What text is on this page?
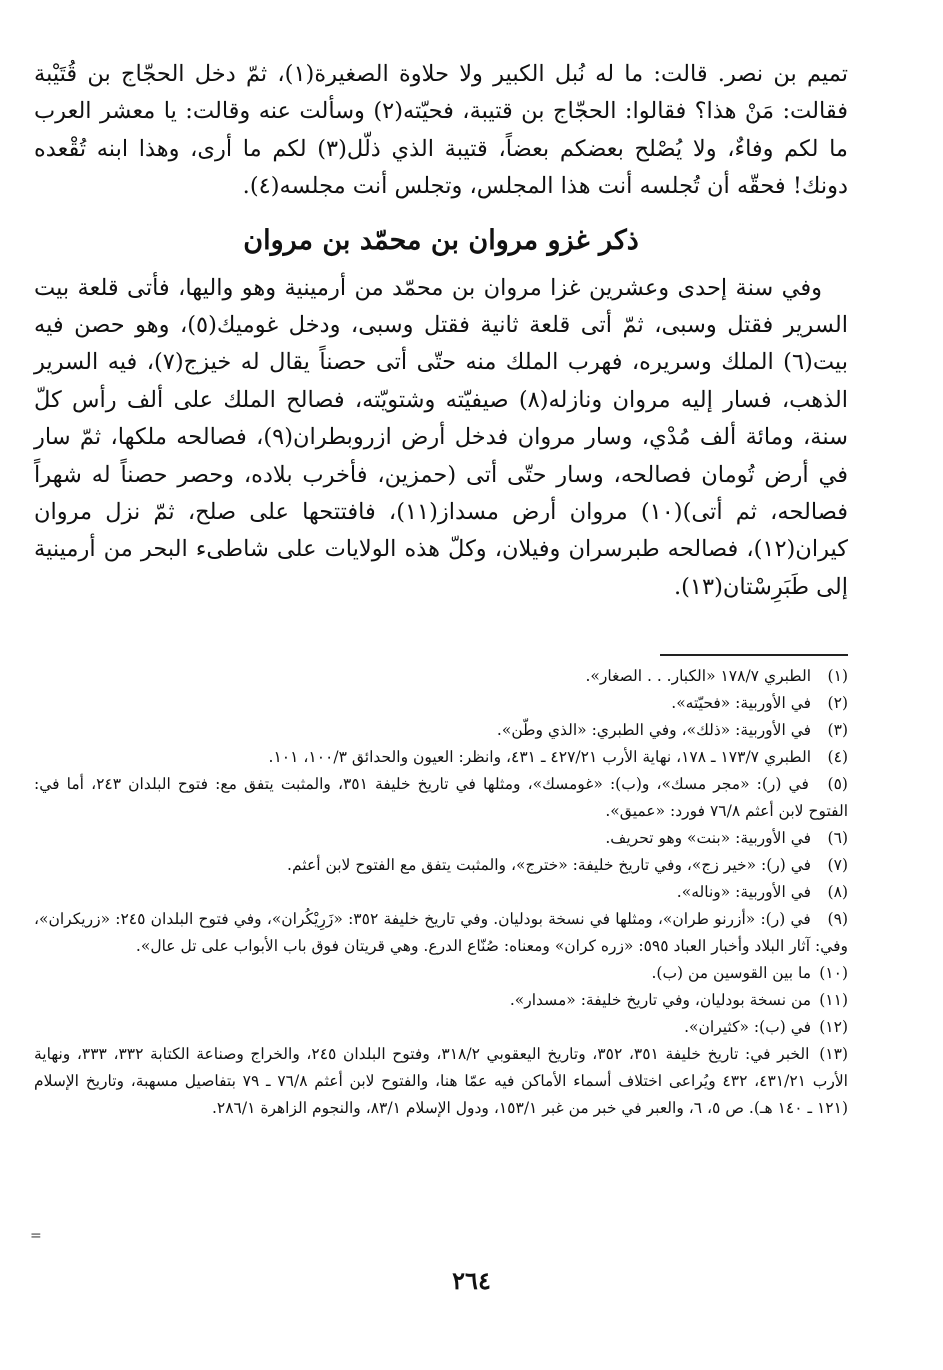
تميم بن نصر. قالت: ما له نُبل الكبير ولا حلاوة الصغيرة(١)، ثمّ دخل الحجّاج بن قُتَيْبة فقالت: مَنْ هذا؟ فقالوا: الحجّاج بن قتيبة، فحيّته(٢) وسألت عنه وقالت: يا معشر العرب ما لكم وفاءٌ، ولا يُصْلح بعضكم بعضاً، قتيبة الذي ذلّل(٣) لكم ما أرى، وهذا ابنه تُقْعده دونك! فحقّه أن تُجلسه أنت هذا المجلس، وتجلس أنت مجلسه(٤).

ذكر غزو مروان بن محمّد بن مروان

وفي سنة إحدى وعشرين غزا مروان بن محمّد من أرمينية وهو واليها، فأتى قلعة بيت السرير فقتل وسبى، ثمّ أتى قلعة ثانية فقتل وسبى، ودخل غوميك(٥)، وهو حصن فيه بيت(٦) الملك وسريره، فهرب الملك منه حتّى أتى حصناً يقال له خيزج(٧)، فيه السرير الذهب، فسار إليه مروان ونازله(٨) صيفيّته وشتويّته، فصالح الملك على ألف رأس كلّ سنة، ومائة ألف مُدْي، وسار مروان فدخل أرض ازروبطران(٩)، فصالحه ملكها، ثمّ سار في أرض تُومان فصالحه، وسار حتّى أتى (حمزين، فأخرب بلاده، وحصر حصناً له شهراً فصالحه، ثم أتى)(١٠) مروان أرض مسداز(١١)، فافتتحها على صلح، ثمّ نزل مروان كيران(١٢)، فصالحه طبرسران وفيلان، وكلّ هذه الولايات على شاطىء البحر من أرمينية إلى طَبَرِسْتان(١٣).

(١) الطبري ١٧٨/٧ «الكبار. . . الصغار».
(٢) في الأوربية: «فحيّته».
(٣) في الأوربية: «ذلك»، وفي الطبري: «الذي وطّن».
(٤) الطبري ١٧٣/٧ ـ ١٧٨، نهاية الأرب ٤٢٧/٢١ ـ ٤٣١، وانظر: العيون والحدائق ١٠٠/٣، ١٠١.
(٥) في (ر): «مجر مسك»، و(ب): «غومسك»، ومثلها في تاريخ خليفة ٣٥١، والمثبت يتفق مع: فتوح البلدان ٢٤٣، أما في: الفتوح لابن أعثم ٧٦/٨ فورد: «عميق».
(٦) في الأوربية: «بنت» وهو تحريف.
(٧) في (ر): «خير زج»، وفي تاريخ خليفة: «خترج»، والمثبت يتفق مع الفتوح لابن أعثم.
(٨) في الأوربية: «وناله».
(٩) في (ر): «أزرنو طران»، ومثلها في نسخة بودليان. وفي تاريخ خليفة ٣٥٢: «زَرِيْكُران»، وفي فتوح البلدان ٢٤٥: «زريكران»، وفي: آثار البلاد وأخبار العباد ٥٩٥: «زره كران» ومعناه: صُنّاع الدرع. وهي قريتان فوق باب الأبواب على تل عال».
(١٠) ما بين القوسين من (ب).
(١١) من نسخة بودليان، وفي تاريخ خليفة: «مسدار».
(١٢) في (ب): «كثيران».
(١٣) الخبر في: تاريخ خليفة ٣٥١، ٣٥٢، وتاريخ اليعقوبي ٣١٨/٢، وفتوح البلدان ٢٤٥، والخراج وصناعة الكتابة ٣٣٢، ٣٣٣، ونهاية الأرب ٤٣١/٢١، ٤٣٢ ويُراعى اختلاف أسماء الأماكن فيه عمّا هنا، والفتوح لابن أعثم ٧٦/٨ ـ ٧٩ بتفاصيل مسهبة، وتاريخ الإسلام (١٢١ ـ ١٤٠ هـ). ص ٥، ٦، والعبر في خبر من غبر ١٥٣/١، ودول الإسلام ٨٣/١، والنجوم الزاهرة ٢٨٦/١.
=
٢٦٤
